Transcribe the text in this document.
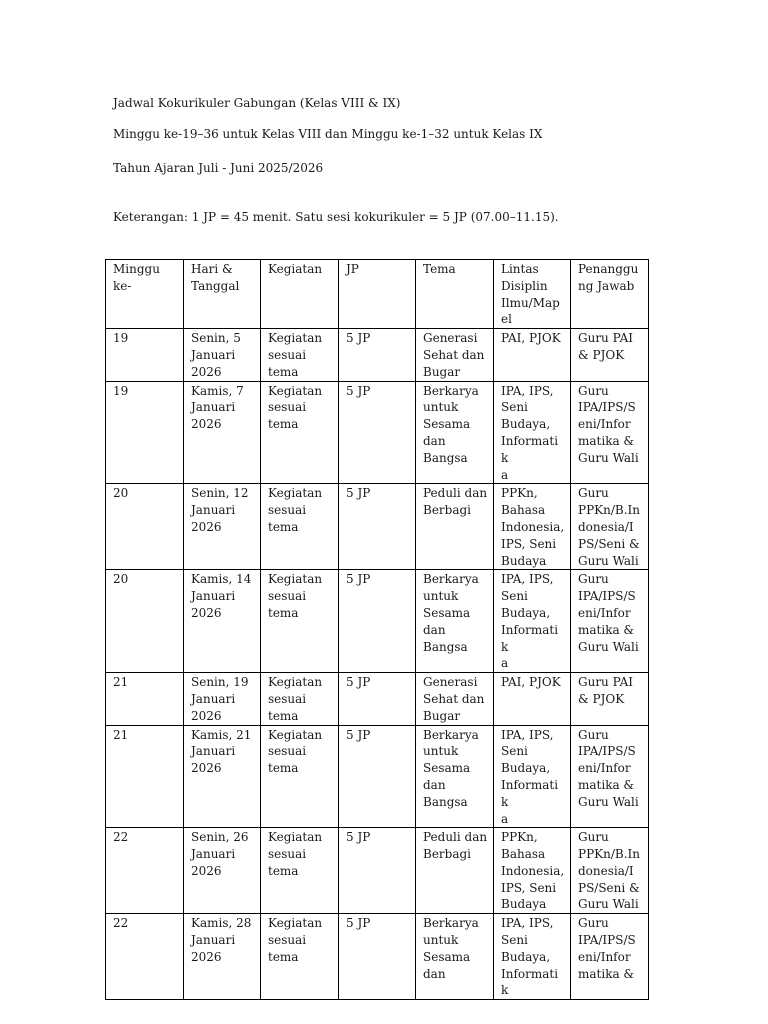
Jadwal Kokurikuler Gabungan (Kelas VIII & IX)
Minggu ke-19–36 untuk Kelas VIII dan Minggu ke-1–32 untuk Kelas IX
Tahun Ajaran Juli - Juni 2025/2026
Keterangan: 1 JP = 45 menit. Satu sesi kokurikuler = 5 JP (07.00–11.15).
Minggu
ke-	Hari &
Tanggal	Kegiatan	JP	Tema	Lintas
Disiplin
Ilmu/Map
el	Penanggu
ng Jawab
19	Senin, 5
Januari
2026	Kegiatan
sesuai
tema	5 JP	Generasi
Sehat dan
Bugar	PAI, PJOK	Guru PAI
& PJOK
19	Kamis, 7
Januari
2026	Kegiatan
sesuai
tema	5 JP	Berkarya
untuk
Sesama
dan
Bangsa	IPA, IPS,
Seni
Budaya,
Informatik
a	Guru
IPA/IPS/S
eni/Infor
matika &
Guru Wali
20	Senin, 12
Januari
2026	Kegiatan
sesuai
tema	5 JP	Peduli dan
Berbagi	PPKn,
Bahasa
Indonesia,
IPS, Seni
Budaya	Guru
PPKn/B.In
donesia/I
PS/Seni &
Guru Wali
20	Kamis, 14
Januari
2026	Kegiatan
sesuai
tema	5 JP	Berkarya
untuk
Sesama
dan
Bangsa	IPA, IPS,
Seni
Budaya,
Informatik
a	Guru
IPA/IPS/S
eni/Infor
matika &
Guru Wali
21	Senin, 19
Januari
2026	Kegiatan
sesuai
tema	5 JP	Generasi
Sehat dan
Bugar	PAI, PJOK	Guru PAI
& PJOK
21	Kamis, 21
Januari
2026	Kegiatan
sesuai
tema	5 JP	Berkarya
untuk
Sesama
dan
Bangsa	IPA, IPS,
Seni
Budaya,
Informatik
a	Guru
IPA/IPS/S
eni/Infor
matika &
Guru Wali
22	Senin, 26
Januari
2026	Kegiatan
sesuai
tema	5 JP	Peduli dan
Berbagi	PPKn,
Bahasa
Indonesia,
IPS, Seni
Budaya	Guru
PPKn/B.In
donesia/I
PS/Seni &
Guru Wali
22	Kamis, 28
Januari
2026	Kegiatan
sesuai
tema	5 JP	Berkarya
untuk
Sesama
dan	IPA, IPS,
Seni
Budaya,
Informatik	Guru
IPA/IPS/S
eni/Infor
matika &
